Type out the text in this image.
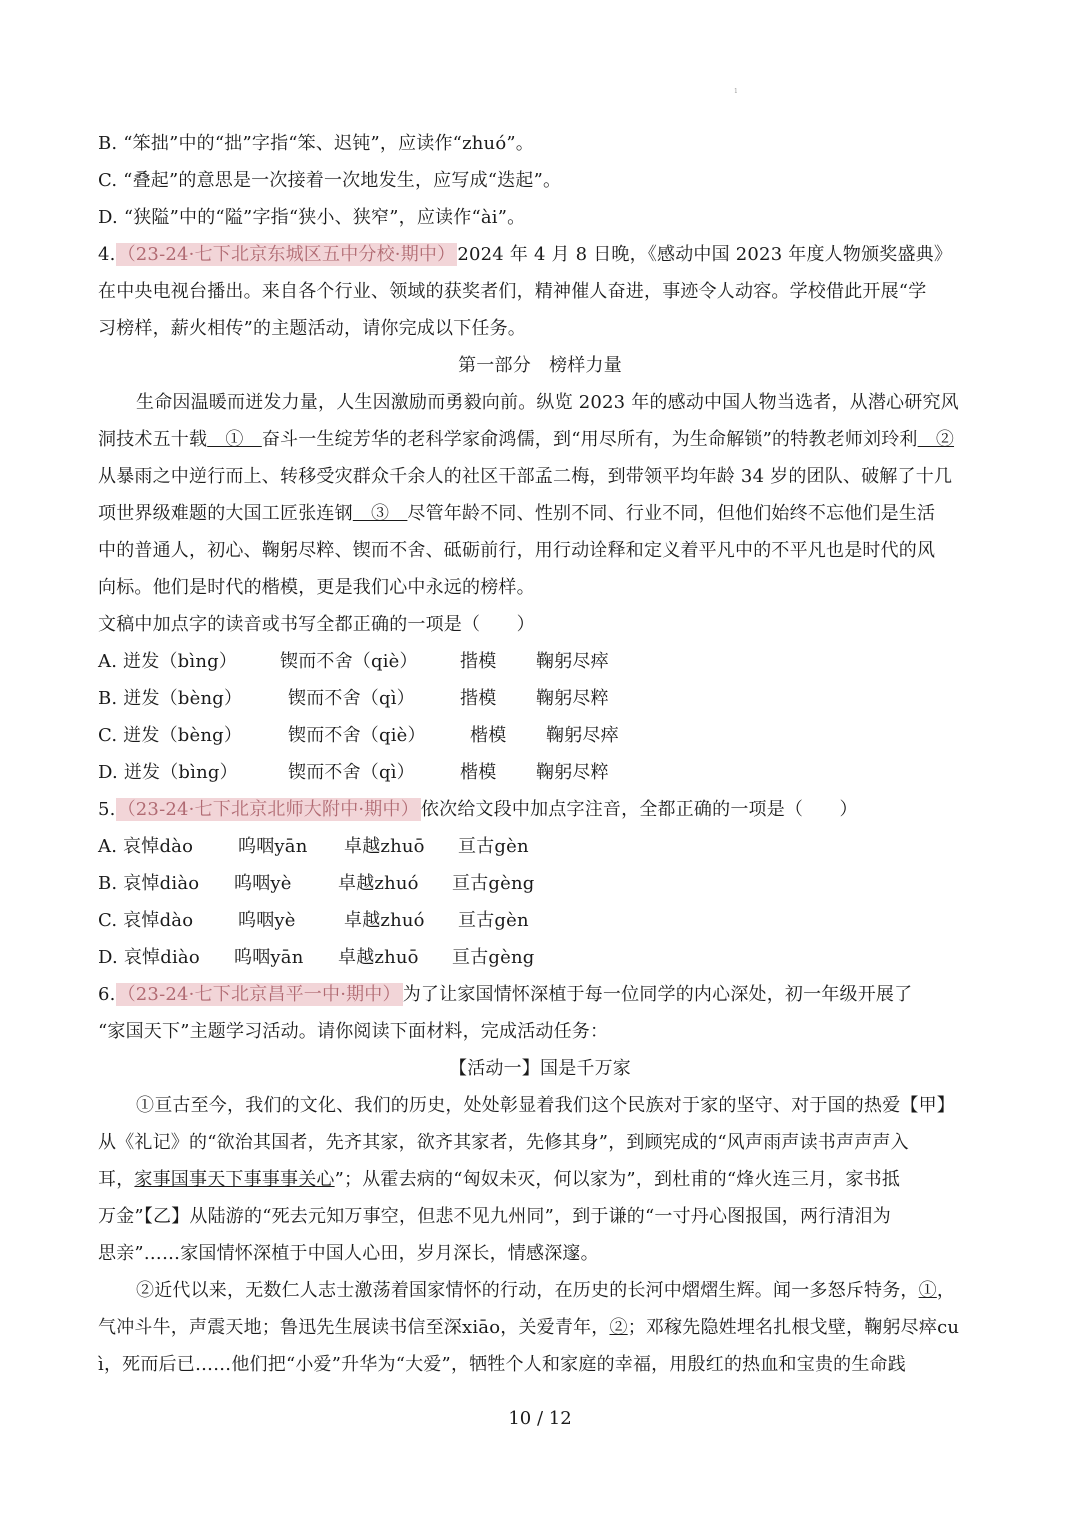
1
B. “笨拙”中的“拙”字指“笨、迟钝”，应读作“zhuó”。
C. “叠起”的意思是一次接着一次地发生，应写成“迭起”。
D. “狭隘”中的“隘”字指“狭小、狭窄”，应读作“ài”。
4. （23-24·七下北京东城区五中分校·期中） 2024 年 4 月 8 日晚，《感动中国 2023 年度人物颁奖盛典》
在中央电视台播出。来自各个行业、领域的获奖者们，精神催人奋进，事迹令人动容。学校借此开展“学
习榜样，薪火相传”的主题活动，请你完成以下任务。
第一部分　榜样力量
生命因温暖而迸发力量，人生因激励而勇毅向前。纵览 2023 年的感动中国人物当选者，从潜心研究风
洞技术五十载　①　奋斗一生绽芳华的老科学家俞鸿儒，到“用尽所有，为生命解锁”的特教老师刘玲利　②
从暴雨之中逆行而上、转移受灾群众千余人的社区干部孟二梅，到带领平均年龄 34 岁的团队、破解了十几
项世界级难题的大国工匠张连钢　③　尽管年龄不同、性别不同、行业不同，但他们始终不忘他们是生活
中的普通人，初心、鞠躬尽粹、锲而不舍、砥砺前行，用行动诠释和定义着平凡中的不平凡也是时代的风
向标。他们是时代的楷模，更是我们心中永远的榜样。
文稿中加点字的读音或书写全都正确的一项是（　　）
A. 迸发（bìng） 锲而不舍（qiè） 揩模 鞠躬尽瘁
B. 迸发（bèng）	锲而不舍（qì）	揩模 鞠躬尽粹
C. 迸发（bèng）	锲而不舍（qiè） 楷模 鞠躬尽瘁
D. 迸发（bìng）	锲而不舍（qì）	楷模 鞠躬尽粹
5. （23-24·七下北京北师大附中·期中） 依次给文段中加点字注音，全都正确的一项是（　　）
A. 哀悼dào 呜咽yān 卓越zhuō 亘古gèn
B. 哀悼diào 呜咽yè	卓越zhuó 亘古gèng
C. 哀悼dào 呜咽yè	卓越zhuó 亘古gèn
D. 哀悼diào 呜咽yān 卓越zhuō 亘古gèng
6. （23-24·七下北京昌平一中·期中） 为了让家国情怀深植于每一位同学的内心深处，初一年级开展了
“家国天下”主题学习活动。请你阅读下面材料，完成活动任务：
【活动一】国是千万家
①亘古至今，我们的文化、我们的历史，处处彰显着我们这个民族对于家的坚守、对于国的热爱【甲】
从《礼记》的“欲治其国者，先齐其家，欲齐其家者，先修其身”，到顾宪成的“风声雨声读书声声声入
耳，家事国事天下事事事关心”；从霍去病的“匈奴未灭，何以家为”，到杜甫的“烽火连三月，家书抵
万金”【乙】从陆游的“死去元知万事空，但悲不见九州同”，到于谦的“一寸丹心图报国，两行清泪为
思亲”……家国情怀深植于中国人心田，岁月深长，情感深邃。
②近代以来，无数仁人志士激荡着国家情怀的行动，在历史的长河中熠熠生辉。闻一多怒斥特务，①，
气冲斗牛，声震天地；鲁迅先生展读书信至深xiāo，关爱青年，②；邓稼先隐姓埋名扎根戈壁，鞠躬尽瘁cu
ì，死而后已……他们把“小爱”升华为“大爱”，牺牲个人和家庭的幸福，用殷红的热血和宝贵的生命践
10 / 12
